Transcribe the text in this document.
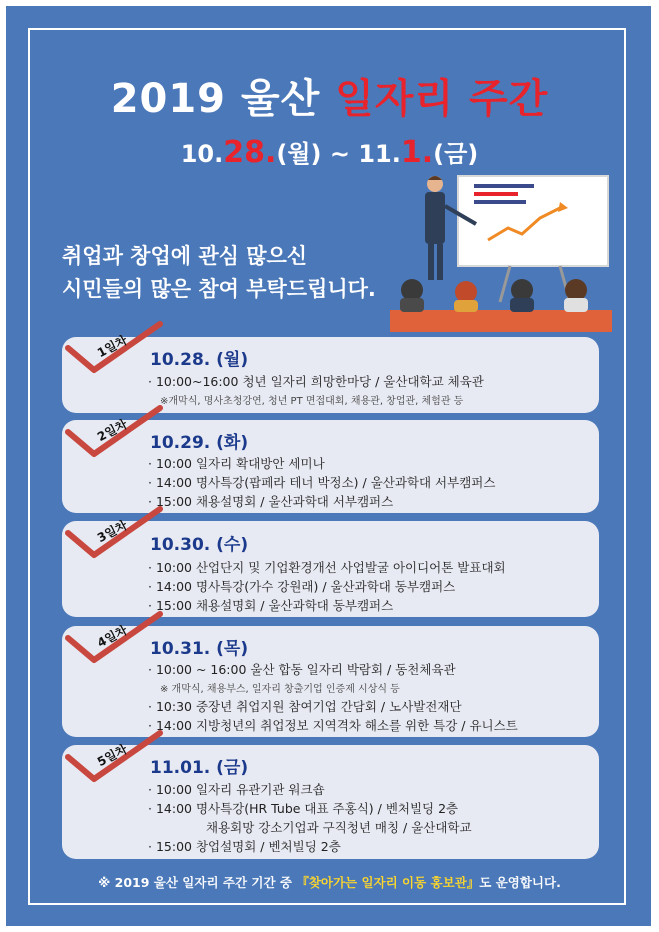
2019 울산 일자리 주간
10.28.(월) ~ 11.1.(금)
취업과 창업에 관심 많으신
시민들의 많은 참여 부탁드립니다.
1일차 10.28. (월)
· 10:00~16:00 청년 일자리 희망한마당 / 울산대학교 체육관
※개막식, 명사초청강연, 청년 PT 면접대회, 채용관, 창업관, 체험관 등
2일차 10.29. (화)
· 10:00 일자리 확대방안 세미나
· 14:00 명사특강(팝페라 테너 박정소) / 울산과학대 서부캠퍼스
· 15:00 채용설명회 / 울산과학대 서부캠퍼스
3일차 10.30. (수)
· 10:00 산업단지 및 기업환경개선 사업발굴 아이디어톤 발표대회
· 14:00 명사특강(가수 강원래) / 울산과학대 동부캠퍼스
· 15:00 채용설명회 / 울산과학대 동부캠퍼스
4일차 10.31. (목)
· 10:00 ~ 16:00 울산 합동 일자리 박람회 / 동천체육관
※ 개막식, 채용부스, 일자리 창출기업 인증제 시상식 등
· 10:30 중장년 취업지원 참여기업 간담회 / 노사발전재단
· 14:00 지방청년의 취업정보 지역격차 해소를 위한 특강 / 유니스트
5일차 11.01. (금)
· 10:00 일자리 유관기관 워크숍
· 14:00 명사특강(HR Tube 대표 주홍식) / 벤처빌딩 2층
채용회망 강소기업과 구직청년 매칭 / 울산대학교
· 15:00 창업설명회 / 벤처빌딩 2층
※ 2019 울산 일자리 주간 기간 중 『찾아가는 일자리 이동 홍보관』도 운영합니다.
